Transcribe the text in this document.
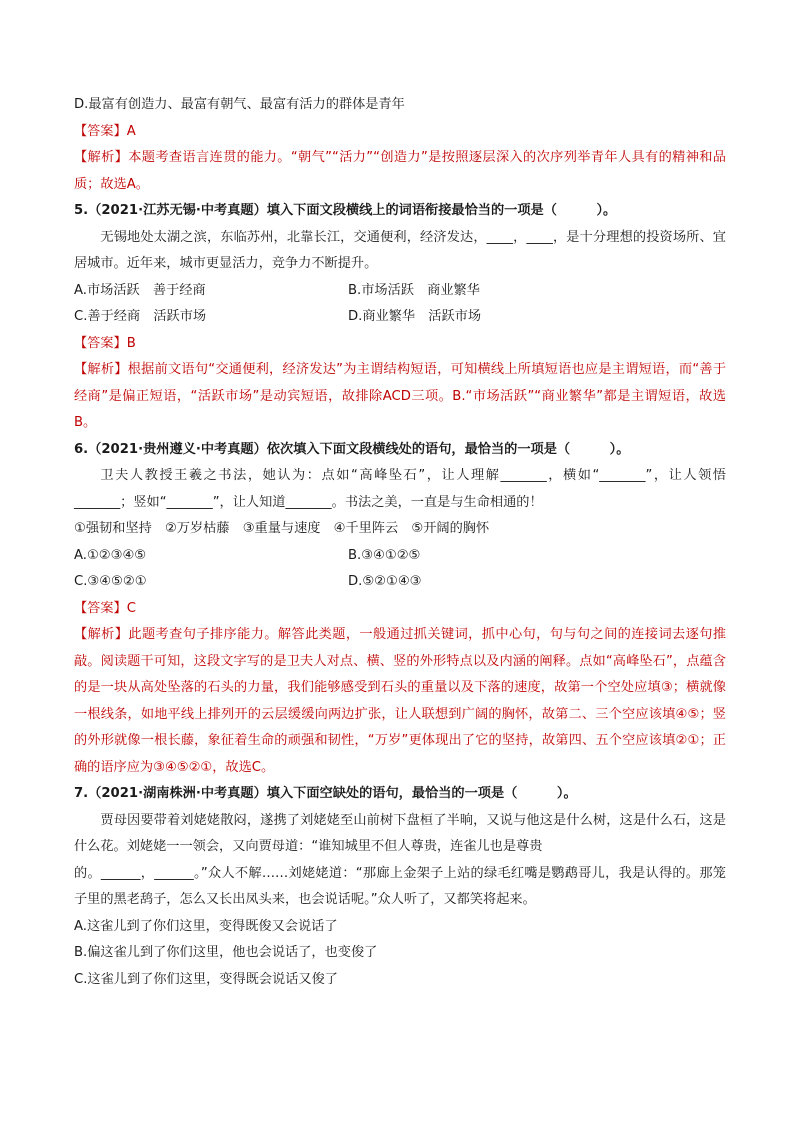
D.最富有创造力、最富有朝气、最富有活力的群体是青年

【答案】A

【解析】本题考查语言连贯的能力。“朝气”“活力”“创造力”是按照逐层深入的次序列举青年人具有的精神和品质；故选A。

5.（2021·江苏无锡·中考真题）填入下面文段横线上的词语衔接最恰当的一项是（　　　）。

无锡地处太湖之滨，东临苏州，北靠长江，交通便利，经济发达，____，____，是十分理想的投资场所、宜居城市。近年来，城市更显活力，竞争力不断提升。

A.市场活跃　善于经商	B.市场活跃　商业繁华
C.善于经商　活跃市场	D.商业繁华　活跃市场

【答案】B

【解析】根据前文语句“交通便利，经济发达”为主谓结构短语，可知横线上所填短语也应是主谓短语，而“善于经商”是偏正短语，“活跃市场”是动宾短语，故排除ACD三项。B.“市场活跃”“商业繁华”都是主谓短语，故选B。

6.（2021·贵州遵义·中考真题）依次填入下面文段横线处的语句，最恰当的一项是（　　　）。

卫夫人教授王羲之书法，她认为：点如“高峰坠石”，让人理解_______，横如“_______”，让人领悟_______；竖如“_______”，让人知道_______。书法之美，一直是与生命相通的！

①强韧和坚持　②万岁枯藤　③重量与速度　④千里阵云　⑤开阔的胸怀

A.①②③④⑤	B.③④①②⑤
C.③④⑤②①	D.⑤②①④③

【答案】C

【解析】此题考查句子排序能力。解答此类题，一般通过抓关键词，抓中心句，句与句之间的连接词去逐句推敲。阅读题干可知，这段文字写的是卫夫人对点、横、竖的外形特点以及内涵的阐释。点如“高峰坠石”，点蕴含的是一块从高处坠落的石头的力量，我们能够感受到石头的重量以及下落的速度，故第一个空处应填③；横就像一根线条，如地平线上排列开的云层缓缓向两边扩张，让人联想到广阔的胸怀，故第二、三个空应该填④⑤；竖的外形就像一根长藤，象征着生命的顽强和韧性，“万岁”更体现出了它的坚持，故第四、五个空应该填②①；正确的语序应为③④⑤②①，故选C。

7.（2021·湖南株洲·中考真题）填入下面空缺处的语句，最恰当的一项是（　　　）。

贾母因要带着刘姥姥散闷，遂携了刘姥姥至山前树下盘桓了半晌，又说与他这是什么树，这是什么石，这是什么花。刘姥姥一一领会，又向贾母道：“谁知城里不但人尊贵，连雀儿也是尊贵

的。______，______。”众人不解……刘姥姥道：“那廊上金架子上站的绿毛红嘴是鹦鹉哥儿，我是认得的。那笼子里的黑老鸹子，怎么又长出凤头来，也会说话呢。”众人听了，又都笑将起来。

A.这雀儿到了你们这里，变得既俊又会说话了

B.偏这雀儿到了你们这里，他也会说话了，也变俊了

C.这雀儿到了你们这里，变得既会说话又俊了
